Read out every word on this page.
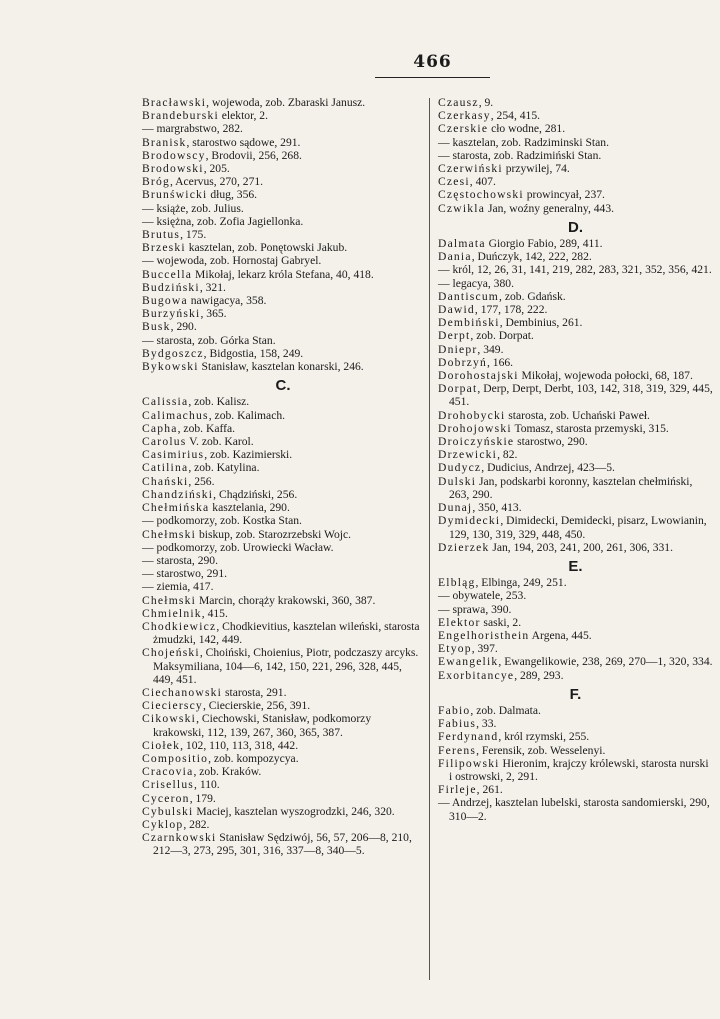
466

Bracławski, wojewoda, zob. Zbaraski Janusz.

Brandeburski elektor, 2.

— margrabstwo, 282.

Branisk, starostwo sądowe, 291.

Brodowscy, Brodovii, 256, 268.

Brodowski, 205.

Bróg, Acervus, 270, 271.

Brunświcki dług, 356.

— książe, zob. Julius.

— księżna, zob. Zofia Jagiellonka.

Brutus, 175.

Brzeski kasztelan, zob. Ponętowski Jakub.

— wojewoda, zob. Hornostaj Gabryel.

Buccella Mikołaj, lekarz króla Stefana, 40, 418.

Budziński, 321.

Bugowa nawigacya, 358.

Burzyński, 365.

Busk, 290.

— starosta, zob. Górka Stan.

Bydgoszcz, Bidgostia, 158, 249.

Bykowski Stanisław, kasztelan konarski, 246.

C.

Calissia, zob. Kalisz.

Calimachus, zob. Kalimach.

Capha, zob. Kaffa.

Carolus V. zob. Karol.

Casimirius, zob. Kazimierski.

Catilina, zob. Katylina.

Chański, 256.

Chandziński, Chądziński, 256.

Chełmińska kasztelania, 290.

— podkomorzy, zob. Kostka Stan.

Chełmski biskup, zob. Starozrzebski Wojc.

— podkomorzy, zob. Urowiecki Wacław.

— starosta, 290.

— starostwo, 291.

— ziemia, 417.

Chełmski Marcin, chorąży krakowski, 360, 387.

Chmielnik, 415.

Chodkiewicz, Chodkievitius, kasztelan wileński, starosta żmudzki, 142, 449.

Chojeński, Choiński, Choienius, Piotr, podczaszy arcyks. Maksymiliana, 104—6, 142, 150, 221, 296, 328, 445, 449, 451.

Ciechanowski starosta, 291.

Ciecierscy, Ciecierskie, 256, 391.

Cikowski, Ciechowski, Stanisław, podkomorzy krakowski, 112, 139, 267, 360, 365, 387.

Ciołek, 102, 110, 113, 318, 442.

Compositio, zob. kompozycya.

Cracovia, zob. Kraków.

Crisellus, 110.

Cyceron, 179.

Cybulski Maciej, kasztelan wyszogrodzki, 246, 320.

Cyklop, 282.

Czarnkowski Stanisław Sędziwój, 56, 57, 206—8, 210, 212—3, 273, 295, 301, 316, 337—8, 340—5.

Czausz, 9.

Czerkasy, 254, 415.

Czerskie cło wodne, 281.

— kasztelan, zob. Radziminski Stan.

— starosta, zob. Radzimiński Stan.

Czerwiński przywilej, 74.

Czesi, 407.

Częstochowski prowincyał, 237.

Czwikla Jan, woźny generalny, 443.

D.

Dalmata Giorgio Fabio, 289, 411.

Dania, Duńczyk, 142, 222, 282.

— król, 12, 26, 31, 141, 219, 282, 283, 321, 352, 356, 421.

— legacya, 380.

Dantiscum, zob. Gdańsk.

Dawid, 177, 178, 222.

Dembiński, Dembinius, 261.

Derpt, zob. Dorpat.

Dniepr, 349.

Dobrzyń, 166.

Dorohostajski Mikołaj, wojewoda połocki, 68, 187.

Dorpat, Derp, Derpt, Derbt, 103, 142, 318, 319, 329, 445, 451.

Drohobycki starosta, zob. Uchański Paweł.

Drohojowski Tomasz, starosta przemyski, 315.

Droiczyńskie starostwo, 290.

Drzewicki, 82.

Dudycz, Dudicius, Andrzej, 423—5.

Dulski Jan, podskarbi koronny, kasztelan chełmiński, 263, 290.

Dunaj, 350, 413.

Dymidecki, Dimidecki, Demidecki, pisarz, Lwowianin, 129, 130, 319, 329, 448, 450.

Dzierzek Jan, 194, 203, 241, 200, 261, 306, 331.

E.

Elbląg, Elbinga, 249, 251.

— obywatele, 253.

— sprawa, 390.

Elektor saski, 2.

Engelhoristhein Argena, 445.

Etyop, 397.

Ewangelik, Ewangelikowie, 238, 269, 270—1, 320, 334.

Exorbitancye, 289, 293.

F.

Fabio, zob. Dalmata.

Fabius, 33.

Ferdynand, król rzymski, 255.

Ferens, Ferensik, zob. Wesselenyi.

Filipowski Hieronim, krajczy królewski, starosta nurski i ostrowski, 2, 291.

Firleje, 261.

— Andrzej, kasztelan lubelski, starosta sandomierski, 290, 310—2.
